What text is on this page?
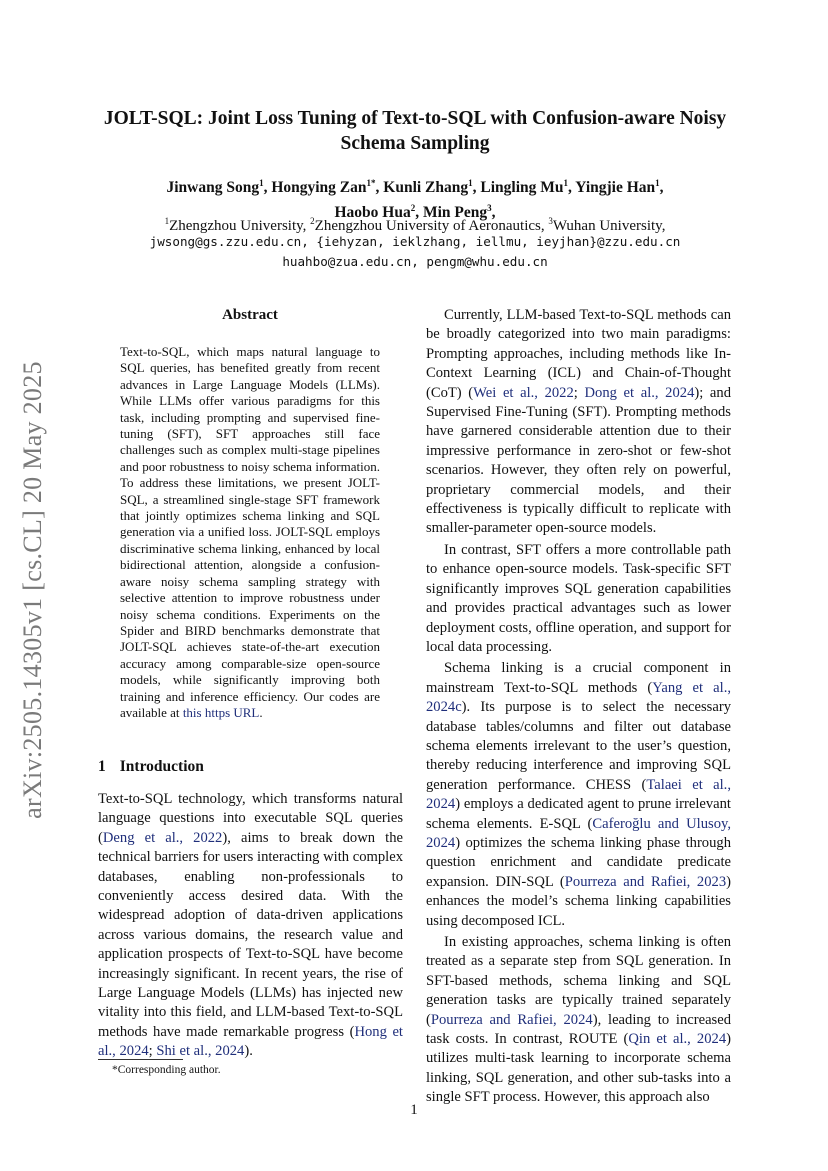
arXiv:2505.14305v1 [cs.CL] 20 May 2025
JOLT-SQL: Joint Loss Tuning of Text-to-SQL with Confusion-aware Noisy Schema Sampling
Jinwang Song$^1$, Hongying Zan$^{1*}$, Kunli Zhang$^1$, Lingling Mu$^1$, Yingjie Han$^1$,
Haobo Hua$^2$, Min Peng$^3$,
$^1$Zhengzhou University, $^2$Zhengzhou University of Aeronautics, $^3$Wuhan University,
jwsong@gs.zzu.edu.cn, {iehyzan, ieklzhang, iellmu, ieyjhan}@zzu.edu.cn
huahbo@zua.edu.cn, pengm@whu.edu.cn
Abstract
Text-to-SQL, which maps natural language to SQL queries, has benefited greatly from recent advances in Large Language Models (LLMs). While LLMs offer various paradigms for this task, including prompting and supervised fine-tuning (SFT), SFT approaches still face challenges such as complex multi-stage pipelines and poor robustness to noisy schema information. To address these limitations, we present JOLT-SQL, a streamlined single-stage SFT framework that jointly optimizes schema linking and SQL generation via a unified loss. JOLT-SQL employs discriminative schema linking, enhanced by local bidirectional attention, alongside a confusion-aware noisy schema sampling strategy with selective attention to improve robustness under noisy schema conditions. Experiments on the Spider and BIRD benchmarks demonstrate that JOLT-SQL achieves state-of-the-art execution accuracy among comparable-size open-source models, while significantly improving both training and inference efficiency. Our codes are available at this https URL.
1 Introduction

Text-to-SQL technology, which transforms natural language questions into executable SQL queries (Deng et al., 2022), aims to break down the technical barriers for users interacting with complex databases, enabling non-professionals to conveniently access desired data. With the widespread adoption of data-driven applications across various domains, the research value and application prospects of Text-to-SQL have become increasingly significant. In recent years, the rise of Large Language Models (LLMs) has injected new vitality into this field, and LLM-based Text-to-SQL methods have made remarkable progress (Hong et al., 2024; Shi et al., 2024).

Currently, LLM-based Text-to-SQL methods can be broadly categorized into two main paradigms: Prompting approaches, including methods like In-Context Learning (ICL) and Chain-of-Thought (CoT) (Wei et al., 2022; Dong et al., 2024); and Supervised Fine-Tuning (SFT). Prompting methods have garnered considerable attention due to their impressive performance in zero-shot or few-shot scenarios. However, they often rely on powerful, proprietary commercial models, and their effectiveness is typically difficult to replicate with smaller-parameter open-source models.

In contrast, SFT offers a more controllable path to enhance open-source models. Task-specific SFT significantly improves SQL generation capabilities and provides practical advantages such as lower deployment costs, offline operation, and support for local data processing.

Schema linking is a crucial component in mainstream Text-to-SQL methods (Yang et al., 2024c). Its purpose is to select the necessary database tables/columns and filter out database schema elements irrelevant to the user’s question, thereby reducing interference and improving SQL generation performance. CHESS (Talaei et al., 2024) employs a dedicated agent to prune irrelevant schema elements. E-SQL (Caferoğlu and Ulusoy, 2024) optimizes the schema linking phase through question enrichment and candidate predicate expansion. DIN-SQL (Pourreza and Rafiei, 2023) enhances the model’s schema linking capabilities using decomposed ICL.

In existing approaches, schema linking is often treated as a separate step from SQL generation. In SFT-based methods, schema linking and SQL generation tasks are typically trained separately (Pourreza and Rafiei, 2024), leading to increased task costs. In contrast, ROUTE (Qin et al., 2024) utilizes multi-task learning to incorporate schema linking, SQL generation, and other sub-tasks into a single SFT process. However, this approach also

*Corresponding author.
1
